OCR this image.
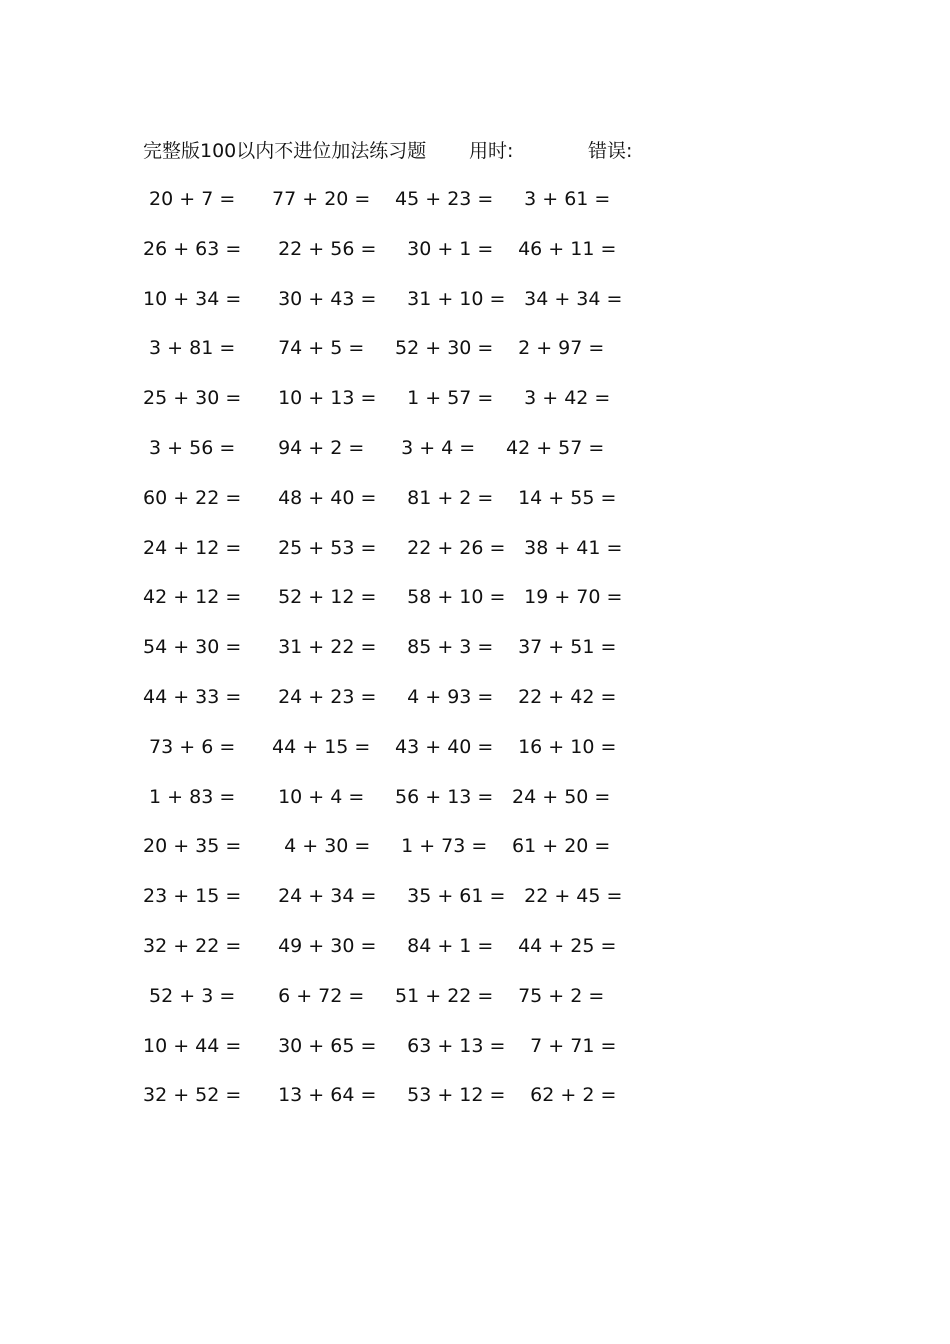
完整版100以内不进位加法练习题 用时:	错误:
20 + 7 = 77 + 20 = 45 + 23 = 3 + 61 =
26 + 63 = 22 + 56 = 30 + 1 = 46 + 11 =
10 + 34 = 30 + 43 = 31 + 10 = 34 + 34 =
3 + 81 = 74 + 5 = 52 + 30 = 2 + 97 =
25 + 30 = 10 + 13 = 1 + 57 = 3 + 42 =
3 + 56 = 94 + 2 = 3 + 4 = 42 + 57 =
60 + 22 = 48 + 40 = 81 + 2 = 14 + 55 =
24 + 12 = 25 + 53 = 22 + 26 = 38 + 41 =
42 + 12 = 52 + 12 = 58 + 10 = 19 + 70 =
54 + 30 = 31 + 22 = 85 + 3 = 37 + 51 =
44 + 33 = 24 + 23 = 4 + 93 = 22 + 42 =
73 + 6 = 44 + 15 = 43 + 40 = 16 + 10 =
1 + 83 = 10 + 4 = 56 + 13 = 24 + 50 =
20 + 35 = 4 + 30 = 1 + 73 = 61 + 20 =
23 + 15 = 24 + 34 = 35 + 61 = 22 + 45 =
32 + 22 = 49 + 30 = 84 + 1 = 44 + 25 =
52 + 3 = 6 + 72 = 51 + 22 = 75 + 2 =
10 + 44 = 30 + 65 = 63 + 13 = 7 + 71 =
32 + 52 = 13 + 64 = 53 + 12 = 62 + 2 =
